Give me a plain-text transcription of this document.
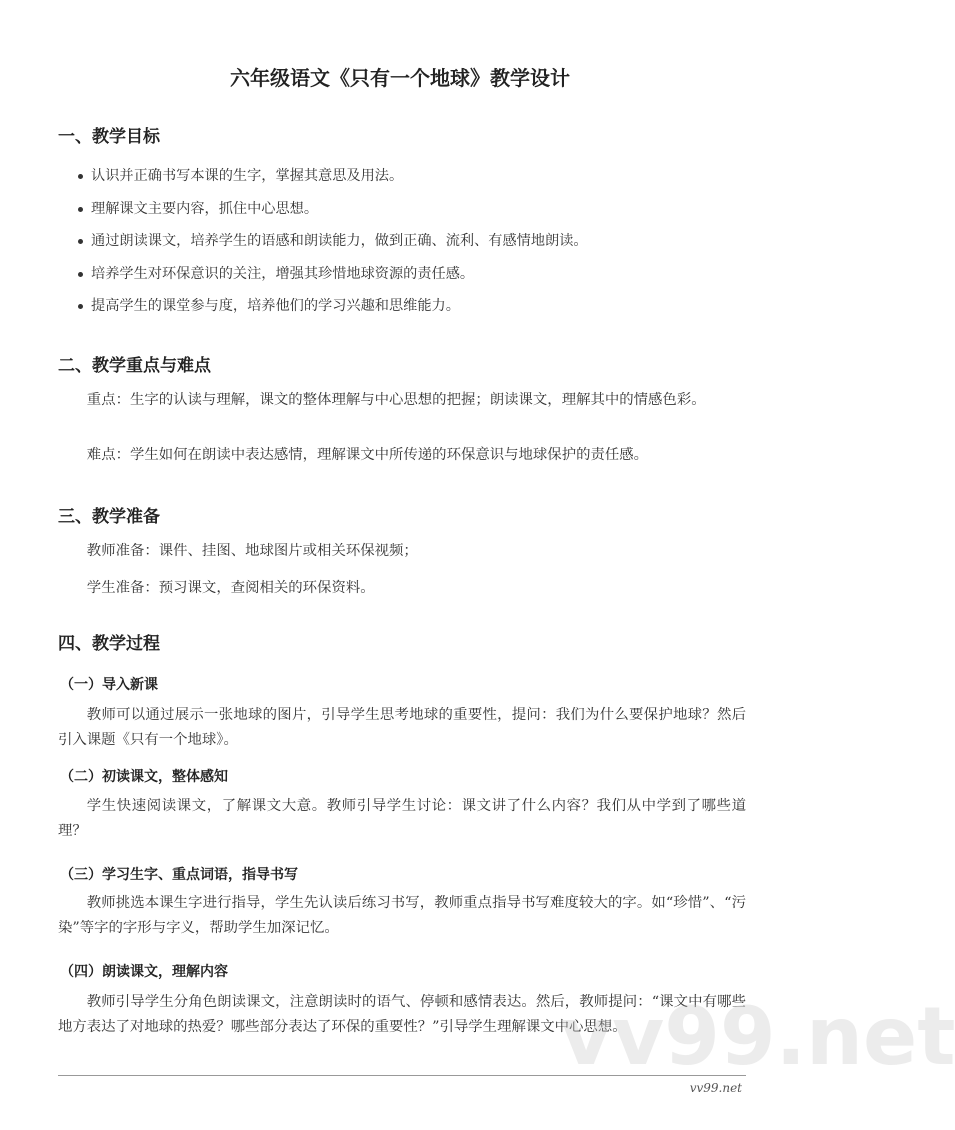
六年级语文《只有一个地球》教学设计
一、教学目标
认识并正确书写本课的生字，掌握其意思及用法。
理解课文主要内容，抓住中心思想。
通过朗读课文，培养学生的语感和朗读能力，做到正确、流利、有感情地朗读。
培养学生对环保意识的关注，增强其珍惜地球资源的责任感。
提高学生的课堂参与度，培养他们的学习兴趣和思维能力。
二、教学重点与难点
重点：生字的认读与理解，课文的整体理解与中心思想的把握；朗读课文，理解其中的情感色彩。
难点：学生如何在朗读中表达感情，理解课文中所传递的环保意识与地球保护的责任感。
三、教学准备
教师准备：课件、挂图、地球图片或相关环保视频；
学生准备：预习课文，查阅相关的环保资料。
四、教学过程
（一）导入新课
教师可以通过展示一张地球的图片，引导学生思考地球的重要性，提问：我们为什么要保护地球？然后引入课题《只有一个地球》。
（二）初读课文，整体感知
学生快速阅读课文，了解课文大意。教师引导学生讨论：课文讲了什么内容？我们从中学到了哪些道理？
（三）学习生字、重点词语，指导书写
教师挑选本课生字进行指导，学生先认读后练习书写，教师重点指导书写难度较大的字。如“珍惜”、“污染”等字的字形与字义，帮助学生加深记忆。
（四）朗读课文，理解内容
教师引导学生分角色朗读课文，注意朗读时的语气、停顿和感情表达。然后，教师提问：“课文中有哪些地方表达了对地球的热爱？哪些部分表达了环保的重要性？”引导学生理解课文中心思想。
vv99.net
vv99.net
